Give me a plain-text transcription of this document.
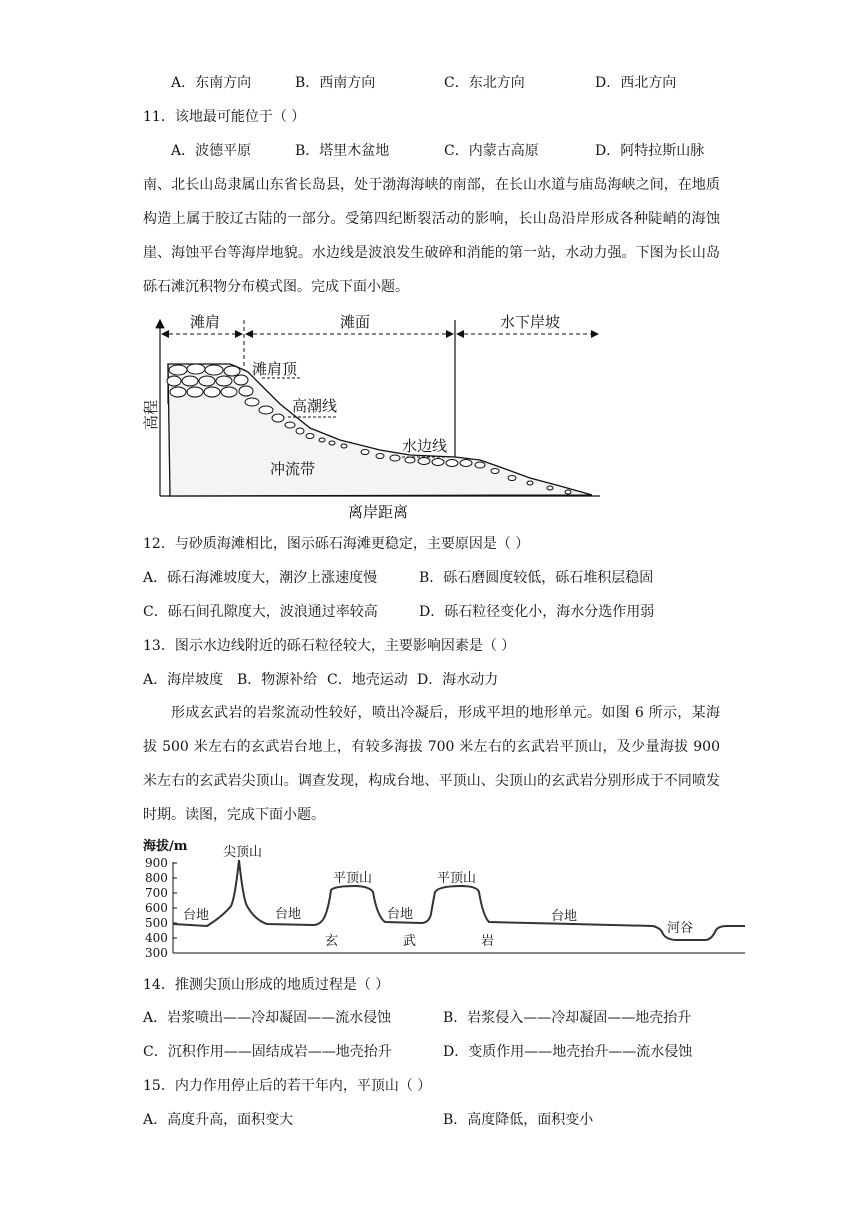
A．东南方向	B．西南方向	C．东北方向	D．西北方向
11．该地最可能位于（ ）
A．波德平原	B．塔里木盆地	C．内蒙古高原	D．阿特拉斯山脉
南、北长山岛隶属山东省长岛县，处于渤海海峡的南部，在长山水道与庙岛海峡之间，在地质构造上属于胶辽古陆的一部分。受第四纪断裂活动的影响，长山岛沿岸形成各种陡峭的海蚀崖、海蚀平台等海岸地貌。水边线是波浪发生破碎和消能的第一站，水动力强。下图为长山岛砾石滩沉积物分布模式图。完成下面小题。
滩肩	滩面	水下岸坡
滩肩顶
高潮线
水边线
冲流带
高程
离岸距离
12．与砂质海滩相比，图示砾石海滩更稳定，主要原因是（ ）
A．砾石海滩坡度大，潮汐上涨速度慢	B．砾石磨圆度较低，砾石堆积层稳固
C．砾石间孔隙度大，波浪通过率较高	D．砾石粒径变化小，海水分选作用弱
13．图示水边线附近的砾石粒径较大，主要影响因素是（ ）
A．海岸坡度 B．物源补给 C．地壳运动 D．海水动力
形成玄武岩的岩浆流动性较好，喷出冷凝后，形成平坦的地形单元。如图 6 所示，某海拔 500 米左右的玄武岩台地上，有较多海拔 700 米左右的玄武岩平顶山，及少量海拔 900 米左右的玄武岩尖顶山。调查发现，构成台地、平顶山、尖顶山的玄武岩分别形成于不同喷发时期。读图，完成下面小题。
海拔/m
900
800
700
600
500
400
300
尖顶山
平顶山	平顶山
台地	台地	台地	台地
河谷
玄	武	岩
14．推测尖顶山形成的地质过程是（ ）
A．岩浆喷出——冷却凝固——流水侵蚀	B．岩浆侵入——冷却凝固——地壳抬升
C．沉积作用——固结成岩——地壳抬升	D．变质作用——地壳抬升——流水侵蚀
15．内力作用停止后的若干年内，平顶山（ ）
A．高度升高，面积变大	B．高度降低，面积变小
